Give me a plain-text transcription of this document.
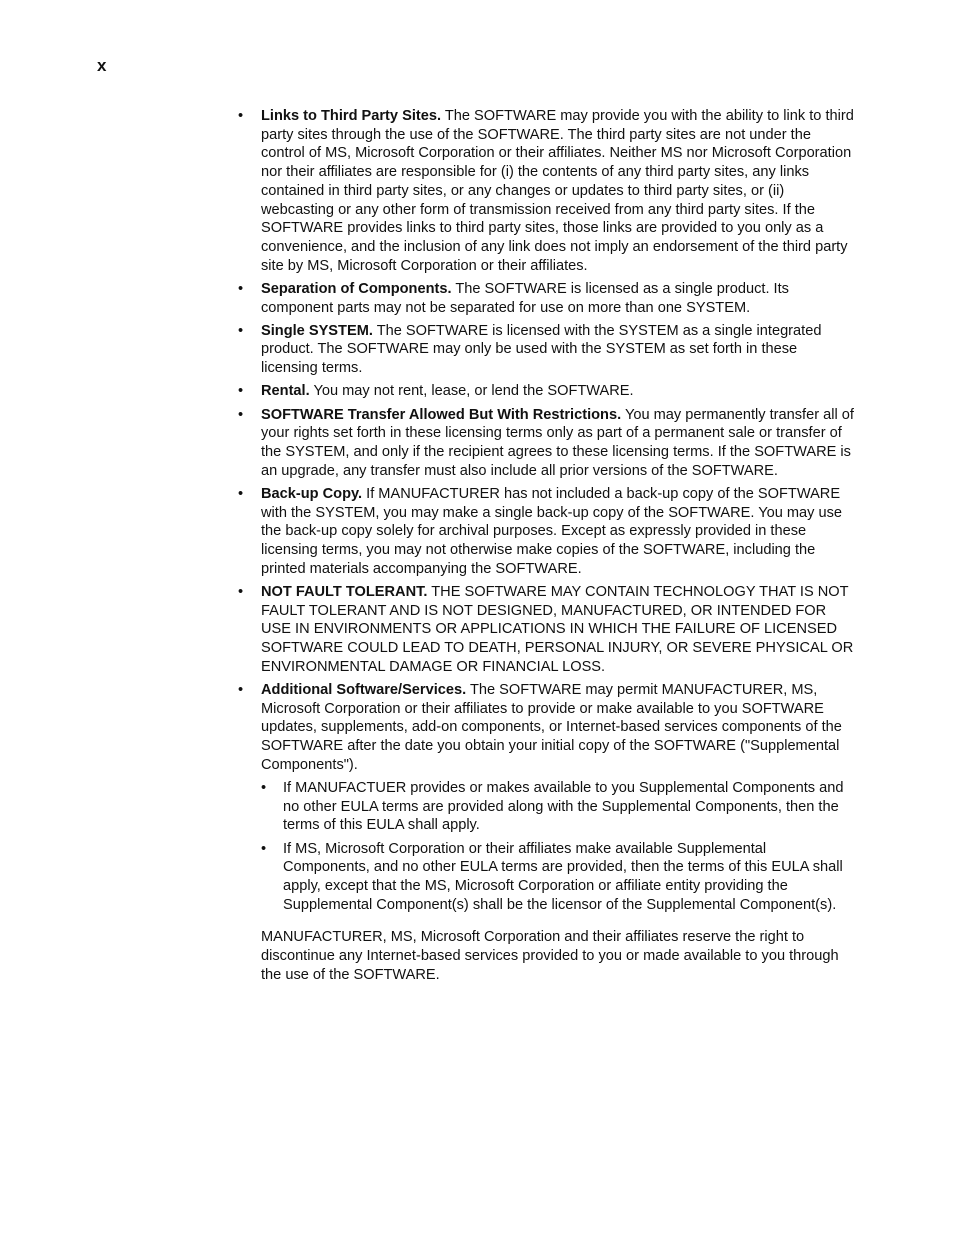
x
• Links to Third Party Sites. The SOFTWARE may provide you with the ability to link to third party sites through the use of the SOFTWARE. The third party sites are not under the control of MS, Microsoft Corporation or their affiliates. Neither MS nor Microsoft Corporation nor their affiliates are responsible for (i) the contents of any third party sites, any links contained in third party sites, or any changes or updates to third party sites, or (ii) webcasting or any other form of transmission received from any third party sites. If the SOFTWARE provides links to third party sites, those links are provided to you only as a convenience, and the inclusion of any link does not imply an endorsement of the third party site by MS, Microsoft Corporation or their affiliates.
• Separation of Components. The SOFTWARE is licensed as a single product. Its component parts may not be separated for use on more than one SYSTEM.
• Single SYSTEM. The SOFTWARE is licensed with the SYSTEM as a single integrated product. The SOFTWARE may only be used with the SYSTEM as set forth in these licensing terms.
• Rental. You may not rent, lease, or lend the SOFTWARE.
• SOFTWARE Transfer Allowed But With Restrictions. You may permanently transfer all of your rights set forth in these licensing terms only as part of a permanent sale or transfer of the SYSTEM, and only if the recipient agrees to these licensing terms. If the SOFTWARE is an upgrade, any transfer must also include all prior versions of the SOFTWARE.
• Back-up Copy. If MANUFACTURER has not included a back-up copy of the SOFTWARE with the SYSTEM, you may make a single back-up copy of the SOFTWARE. You may use the back-up copy solely for archival purposes. Except as expressly provided in these licensing terms, you may not otherwise make copies of the SOFTWARE, including the printed materials accompanying the SOFTWARE.
• NOT FAULT TOLERANT. THE SOFTWARE MAY CONTAIN TECHNOLOGY THAT IS NOT FAULT TOLERANT AND IS NOT DESIGNED, MANUFACTURED, OR INTENDED FOR USE IN ENVIRONMENTS OR APPLICATIONS IN WHICH THE FAILURE OF LICENSED SOFTWARE COULD LEAD TO DEATH, PERSONAL INJURY, OR SEVERE PHYSICAL OR ENVIRONMENTAL DAMAGE OR FINANCIAL LOSS.
• Additional Software/Services. The SOFTWARE may permit MANUFACTURER, MS, Microsoft Corporation or their affiliates to provide or make available to you SOFTWARE updates, supplements, add-on components, or Internet-based services components of the SOFTWARE after the date you obtain your initial copy of the SOFTWARE ("Supplemental Components").
• If MANUFACTUER provides or makes available to you Supplemental Components and no other EULA terms are provided along with the Supplemental Components, then the terms of this EULA shall apply.
• If MS, Microsoft Corporation or their affiliates make available Supplemental Components, and no other EULA terms are provided, then the terms of this EULA shall apply, except that the MS, Microsoft Corporation or affiliate entity providing the Supplemental Component(s) shall be the licensor of the Supplemental Component(s).

MANUFACTURER, MS, Microsoft Corporation and their affiliates reserve the right to discontinue any Internet-based services provided to you or made available to you through the use of the SOFTWARE.
